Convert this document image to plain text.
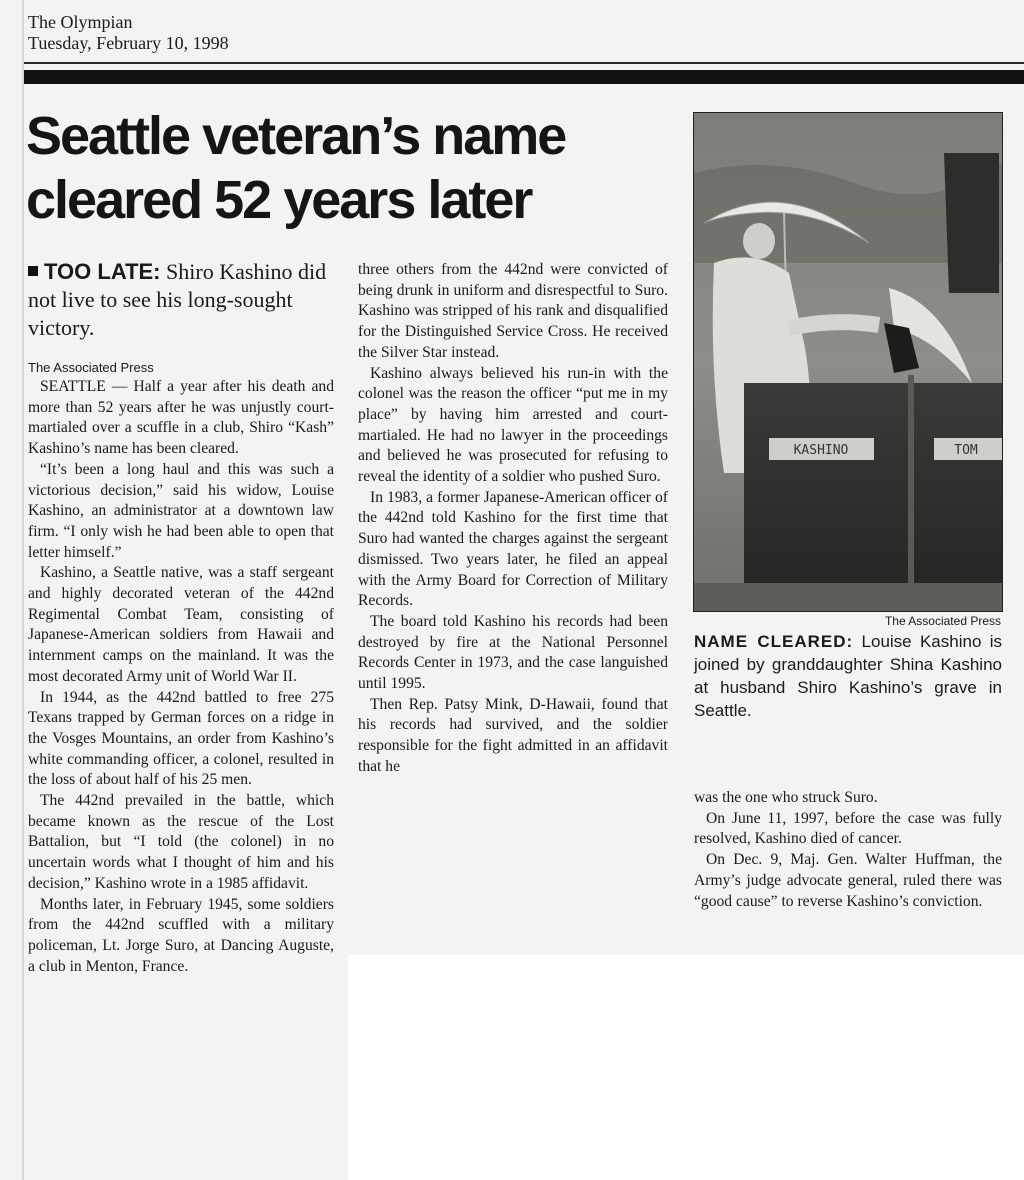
The Olympian
Tuesday, February 10, 1998
Seattle veteran’s name
cleared 52 years later
TOO LATE: Shiro Kashino did not live to see his long-sought victory.
The Associated Press

SEATTLE — Half a year after his death and more than 52 years after he was unjustly court-martialed over a scuffle in a club, Shiro “Kash” Kashino’s name has been cleared.

“It’s been a long haul and this was such a victorious decision,” said his widow, Louise Kashino, an administrator at a downtown law firm. “I only wish he had been able to open that letter himself.”

Kashino, a Seattle native, was a staff sergeant and highly decorated veteran of the 442nd Regimental Combat Team, consisting of Japanese-American soldiers from Hawaii and internment camps on the mainland. It was the most decorated Army unit of World War II.

In 1944, as the 442nd battled to free 275 Texans trapped by German forces on a ridge in the Vosges Mountains, an order from Kashino’s white commanding officer, a colonel, resulted in the loss of about half of his 25 men.

The 442nd prevailed in the battle, which became known as the rescue of the Lost Battalion, but “I told (the colonel) in no uncertain words what I thought of him and his decision,” Kashino wrote in a 1985 affidavit.

Months later, in February 1945, some soldiers from the 442nd scuffled with a military policeman, Lt. Jorge Suro, at Dancing Auguste, a club in Menton, France.

three others from the 442nd were convicted of being drunk in uniform and disrespectful to Suro. Kashino was stripped of his rank and disqualified for the Distinguished Service Cross. He received the Silver Star instead.

Kashino always believed his run-in with the colonel was the reason the officer “put me in my place” by having him arrested and court-martialed. He had no lawyer in the proceedings and believed he was prosecuted for refusing to reveal the identity of a soldier who pushed Suro.

In 1983, a former Japanese-American officer of the 442nd told Kashino for the first time that Suro had wanted the charges against the sergeant dismissed. Two years later, he filed an appeal with the Army Board for Correction of Military Records.

The board told Kashino his records had been destroyed by fire at the National Personnel Records Center in 1973, and the case languished until 1995.

Then Rep. Patsy Mink, D-Hawaii, found that his records had survived, and the soldier responsible for the fight admitted in an affidavit that he

KASHINO	TOM
The Associated Press
NAME CLEARED: Louise Kashino is joined by granddaughter Shina Kashino at husband Shiro Kashino’s grave in Seattle.

was the one who struck Suro.

On June 11, 1997, before the case was fully resolved, Kashino died of cancer.

On Dec. 9, Maj. Gen. Walter Huffman, the Army’s judge advocate general, ruled there was “good cause” to reverse Kashino’s conviction.
